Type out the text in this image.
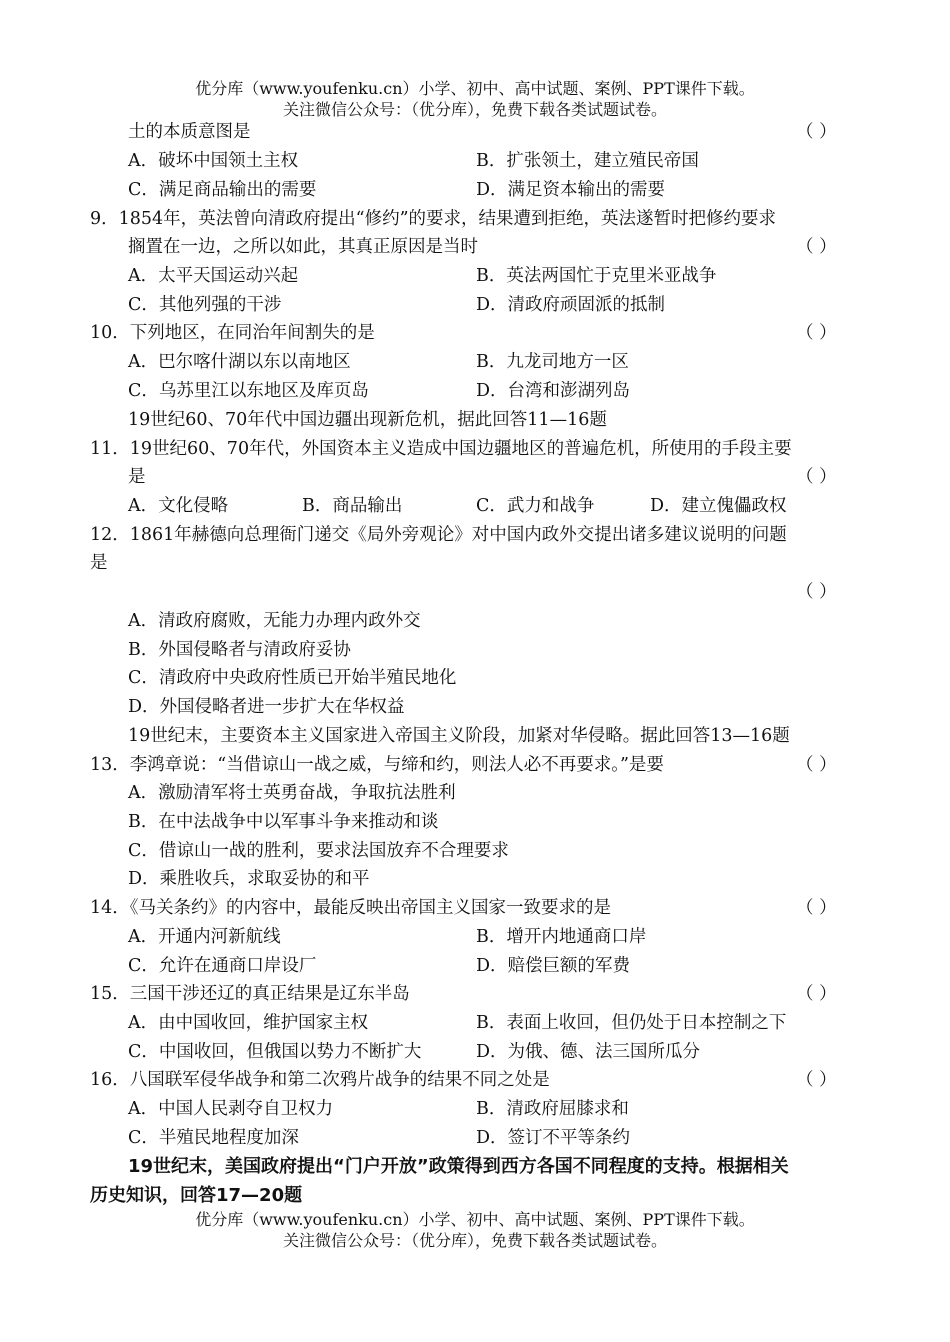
优分库（www.youfenku.cn）小学、初中、高中试题、案例、PPT课件下载。
关注微信公众号：（优分库），免费下载各类试题试卷。
土的本质意图是	（ ）
A．破坏中国领土主权	B．扩张领土，建立殖民帝国
C．满足商品输出的需要	D．满足资本输出的需要
9．1854年，英法曾向清政府提出“修约”的要求，结果遭到拒绝，英法遂暂时把修约要求
搁置在一边，之所以如此，其真正原因是当时	（ ）
A．太平天国运动兴起	B．英法两国忙于克里米亚战争
C．其他列强的干涉	D．清政府顽固派的抵制
10．下列地区，在同治年间割失的是	（ ）
A．巴尔喀什湖以东以南地区	B．九龙司地方一区
C．乌苏里江以东地区及库页岛	D．台湾和澎湖列岛
19世纪60、70年代中国边疆出现新危机，据此回答11—16题
11．19世纪60、70年代，外国资本主义造成中国边疆地区的普遍危机，所使用的手段主要
是	（ ）
A．文化侵略	B．商品输出	C．武力和战争	D．建立傀儡政权
12．1861年赫德向总理衙门递交《局外旁观论》对中国内政外交提出诸多建议说明的问题
是
（ ）
A．清政府腐败，无能力办理内政外交
B．外国侵略者与清政府妥协
C．清政府中央政府性质已开始半殖民地化
D．外国侵略者进一步扩大在华权益
19世纪末，主要资本主义国家进入帝国主义阶段，加紧对华侵略。据此回答13—16题
13．李鸿章说：“当借谅山一战之威，与缔和约，则法人必不再要求。”是要	（ ）
A．激励清军将士英勇奋战，争取抗法胜利
B．在中法战争中以军事斗争来推动和谈
C．借谅山一战的胜利，要求法国放弃不合理要求
D．乘胜收兵，求取妥协的和平
14．《马关条约》的内容中，最能反映出帝国主义国家一致要求的是	（ ）
A．开通内河新航线	B．增开内地通商口岸
C．允许在通商口岸设厂	D．赔偿巨额的军费
15．三国干涉还辽的真正结果是辽东半岛	（ ）
A．由中国收回，维护国家主权	B．表面上收回，但仍处于日本控制之下
C．中国收回，但俄国以势力不断扩大	D．为俄、德、法三国所瓜分
16．八国联军侵华战争和第二次鸦片战争的结果不同之处是	（ ）
A．中国人民剥夺自卫权力	B．清政府屈膝求和
C．半殖民地程度加深	D．签订不平等条约
19世纪末，美国政府提出“门户开放”政策得到西方各国不同程度的支持。根据相关
历史知识，回答17—20题
优分库（www.youfenku.cn）小学、初中、高中试题、案例、PPT课件下载。
关注微信公众号：（优分库），免费下载各类试题试卷。
